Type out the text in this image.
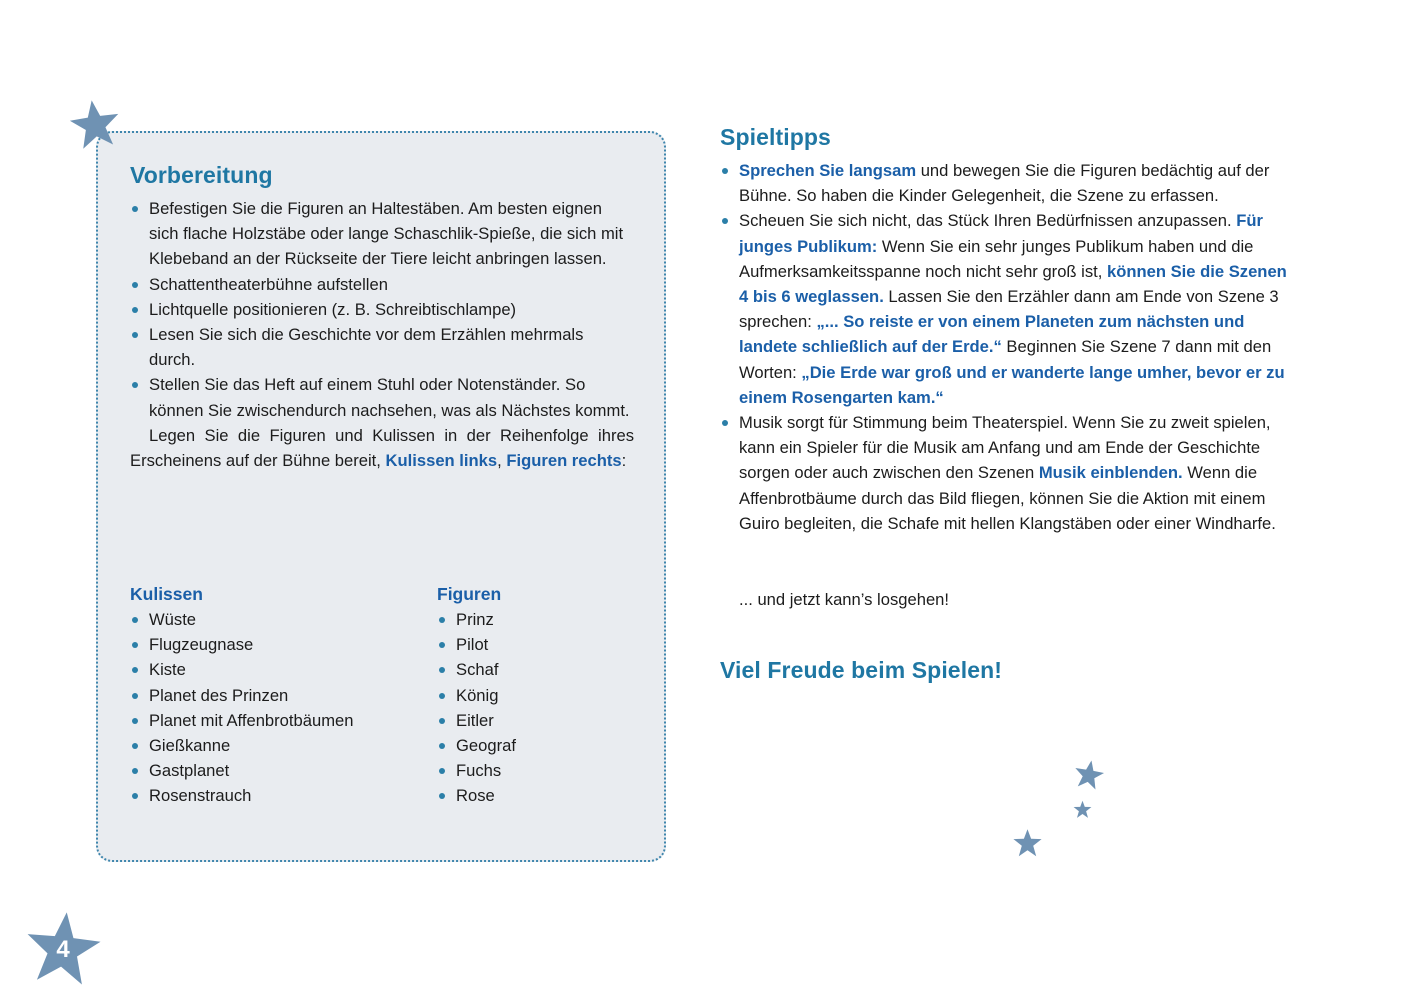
Vorbereitung
Befestigen Sie die Figuren an Haltestäben. Am besten eignen sich flache Holzstäbe oder lange Schaschlik-Spieße, die sich mit Klebeband an der Rückseite der Tiere leicht anbringen lassen.
Schattentheaterbühne aufstellen
Lichtquelle positionieren (z. B. Schreibtischlampe)
Lesen Sie sich die Geschichte vor dem Erzählen mehrmals durch.
Stellen Sie das Heft auf einem Stuhl oder Notenständer. So können Sie zwischendurch nachsehen, was als Nächstes kommt.

Legen Sie die Figuren und Kulissen in der Reihenfolge ihres Erscheinens auf der Bühne bereit, Kulissen links, Figuren rechts:

Kulissen
Wüste
Flugzeugnase
Kiste
Planet des Prinzen
Planet mit Affenbrotbäumen
Gießkanne
Gastplanet
Rosenstrauch
Figuren
Prinz
Pilot
Schaf
König
Eitler
Geograf
Fuchs
Rose
Spieltipps
Sprechen Sie langsam und bewegen Sie die Figuren bedächtig auf der Bühne. So haben die Kinder Gelegenheit, die Szene zu erfassen.
Scheuen Sie sich nicht, das Stück Ihren Bedürfnissen anzupassen. Für junges Publikum: Wenn Sie ein sehr junges Publikum haben und die Aufmerksamkeitsspanne noch nicht sehr groß ist, können Sie die Szenen 4 bis 6 weglassen. Lassen Sie den Erzähler dann am Ende von Szene 3 sprechen: „... So reiste er von einem Planeten zum nächsten und landete schließlich auf der Erde.“ Beginnen Sie Szene 7 dann mit den Worten: „Die Erde war groß und er wanderte lange umher, bevor er zu einem Rosengarten kam.“
Musik sorgt für Stimmung beim Theaterspiel. Wenn Sie zu zweit spielen, kann ein Spieler für die Musik am Anfang und am Ende der Geschichte sorgen oder auch zwischen den Szenen Musik einblenden. Wenn die Affenbrotbäume durch das Bild fliegen, können Sie die Aktion mit einem Guiro begleiten, die Schafe mit hellen Klangstäben oder einer Windharfe.
... und jetzt kann’s losgehen!
Viel Freude beim Spielen!
4
